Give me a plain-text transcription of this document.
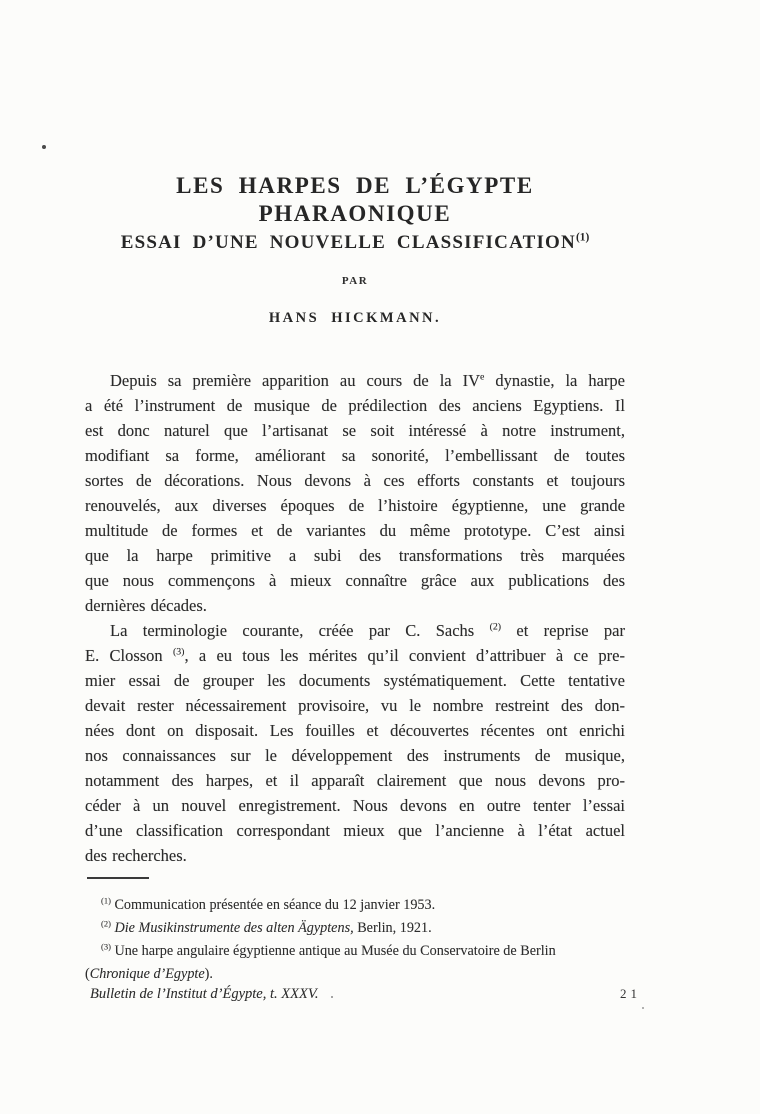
LES HARPES DE L’ÉGYPTE PHARAONIQUE
ESSAI D’UNE NOUVELLE CLASSIFICATION$^{(1)}$
PAR
HANS HICKMANN.
Depuis sa première apparition au cours de la IVe dynastie, la harpe
a été l’instrument de musique de prédilection des anciens Egyptiens. Il
est donc naturel que l’artisanat se soit intéressé à notre instrument,
modifiant sa forme, améliorant sa sonorité, l’embellissant de toutes
sortes de décorations. Nous devons à ces efforts constants et toujours
renouvelés, aux diverses époques de l’histoire égyptienne, une grande
multitude de formes et de variantes du même prototype. C’est ainsi
que la harpe primitive a subi des transformations très marquées
que nous commençons à mieux connaître grâce aux publications des
dernières décades.
La terminologie courante, créée par C. Sachs $^{(2)}$ et reprise par
E. Closson $^{(3)}$, a eu tous les mérites qu’il convient d’attribuer à ce pre-
mier essai de grouper les documents systématiquement. Cette tentative
devait rester nécessairement provisoire, vu le nombre restreint des don-
nées dont on disposait. Les fouilles et découvertes récentes ont enrichi
nos connaissances sur le développement des instruments de musique,
notamment des harpes, et il apparaît clairement que nous devons pro-
céder à un nouvel enregistrement. Nous devons en outre tenter l’essai
d’une classification correspondant mieux que l’ancienne à l’état actuel
des recherches.
$^{(1)}$ Communication présentée en séance du 12 janvier 1953.
$^{(2)}$ Die Musikinstrumente des alten Ägyptens, Berlin, 1921.
$^{(3)}$ Une harpe angulaire égyptienne antique au Musée du Conservatoire de Berlin
(Chronique d’Egypte).
Bulletin de l’Institut d’Égypte, t. XXXV.	21
